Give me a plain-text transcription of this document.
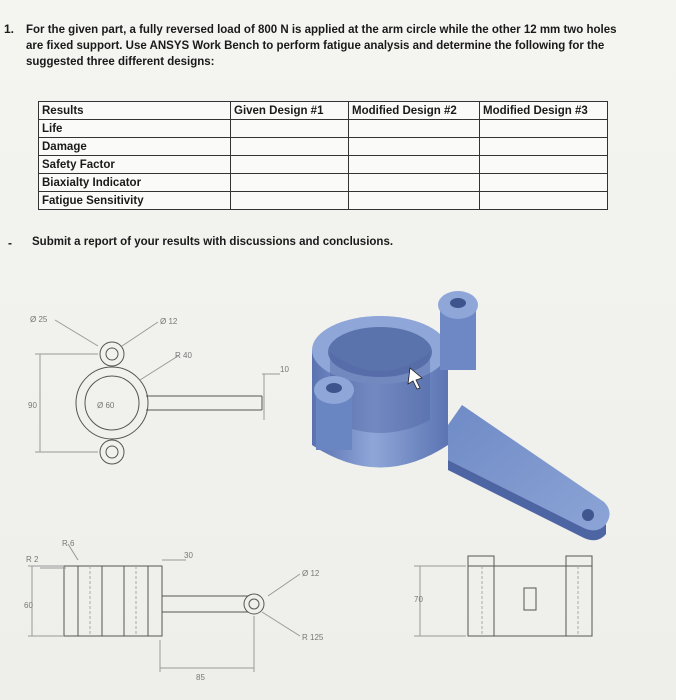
1. For the given part, a fully reversed load of 800 N is applied at the arm circle while the other 12 mm two holes are fixed support. Use ANSYS Work Bench to perform fatigue analysis and determine the following for the suggested three different designs:
Results	Given Design #1	Modified Design #2	Modified Design #3
Life			
Damage			
Safety Factor			
Biaxialty Indicator			
Fatigue Sensitivity			
- Submit a report of your results with discussions and conclusions.
Ø 25	Ø 12
R 40
Ø 60
90
10
R 6
R 2	30
60
Ø 12
R 125
85
70
